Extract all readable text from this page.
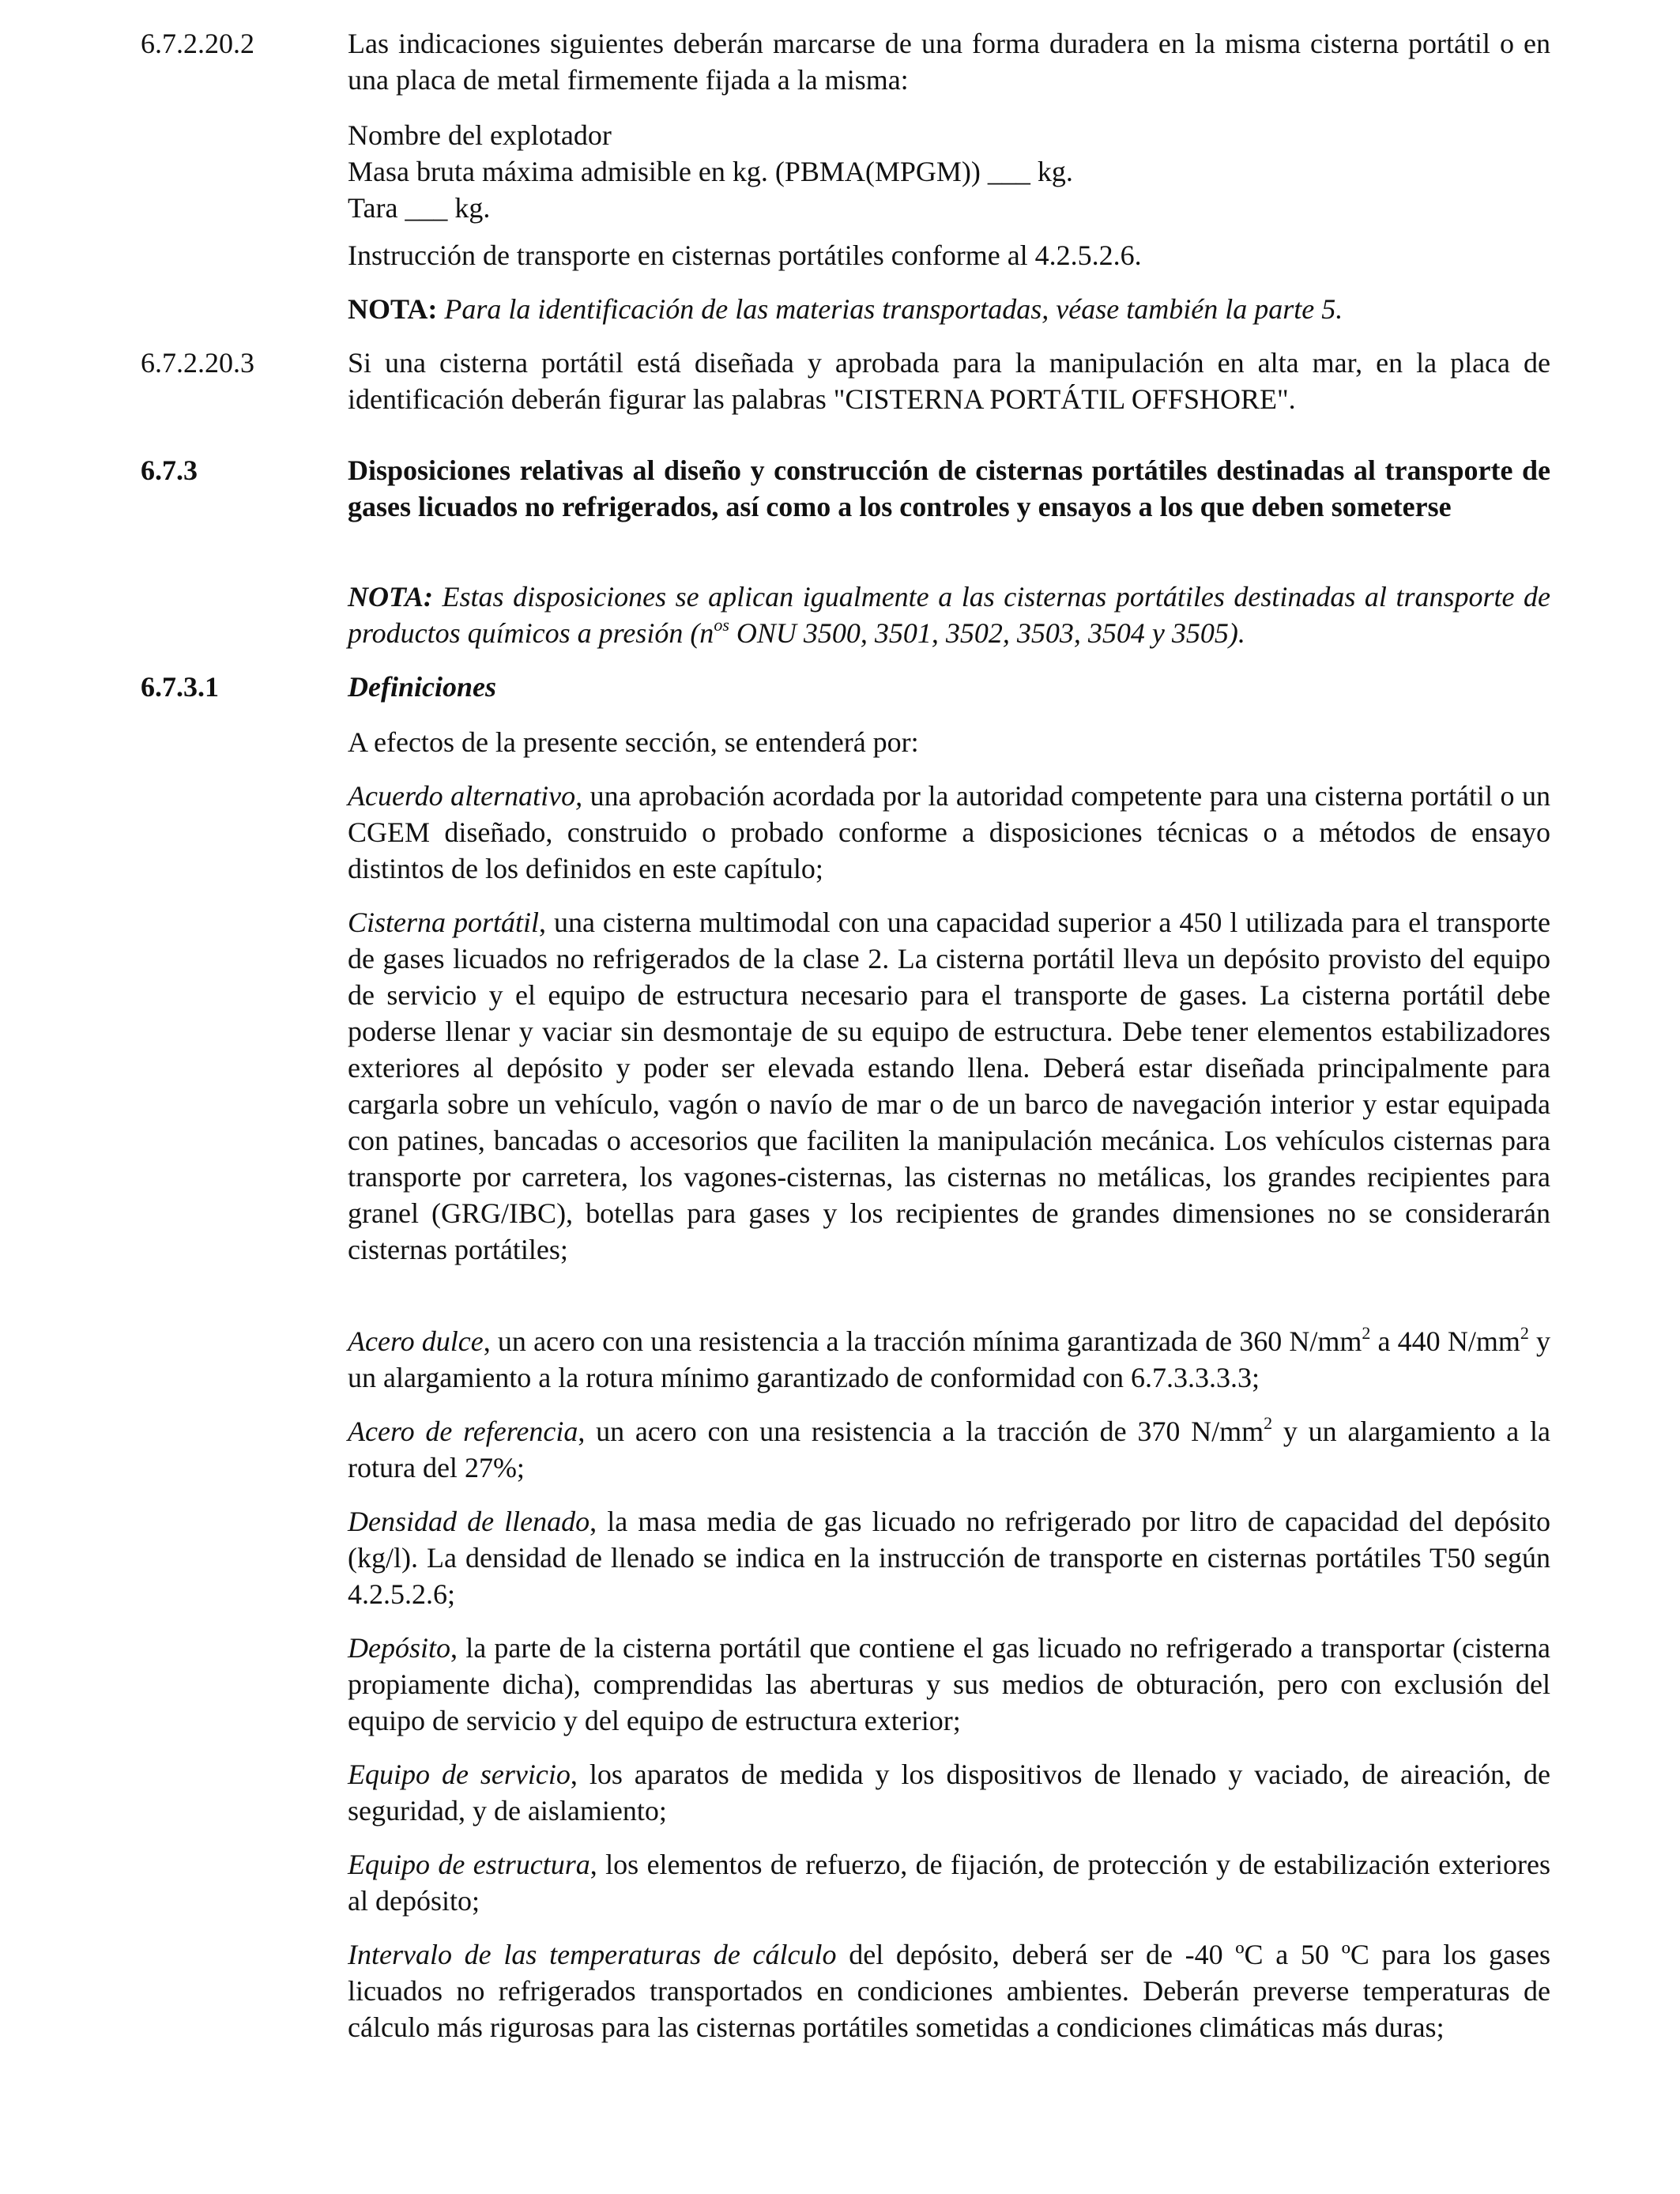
6.7.2.20.2	Las indicaciones siguientes deberán marcarse de una forma duradera en la misma cisterna portátil o en una placa de metal firmemente fijada a la misma:

Nombre del explotador
Masa bruta máxima admisible en kg. (PBMA(MPGM)) ___ kg.
Tara ___ kg.
Instrucción de transporte en cisternas portátiles conforme al 4.2.5.2.6.
NOTA: Para la identificación de las materias transportadas, véase también la parte 5.
6.7.2.20.3	Si una cisterna portátil está diseñada y aprobada para la manipulación en alta mar, en la placa de identificación deberán figurar las palabras "CISTERNA PORTÁTIL OFFSHORE".
6.7.3	Disposiciones relativas al diseño y construcción de cisternas portátiles destinadas al transporte de gases licuados no refrigerados, así como a los controles y ensayos a los que deben someterse
NOTA: Estas disposiciones se aplican igualmente a las cisternas portátiles destinadas al transporte de productos químicos a presión ($n^{os}$ ONU 3500, 3501, 3502, 3503, 3504 y 3505).
6.7.3.1	Definiciones
A efectos de la presente sección, se entenderá por:
Acuerdo alternativo, una aprobación acordada por la autoridad competente para una cisterna portátil o un CGEM diseñado, construido o probado conforme a disposiciones técnicas o a métodos de ensayo distintos de los definidos en este capítulo;
Cisterna portátil, una cisterna multimodal con una capacidad superior a 450 l utilizada para el transporte de gases licuados no refrigerados de la clase 2. La cisterna portátil lleva un depósito provisto del equipo de servicio y el equipo de estructura necesario para el transporte de gases. La cisterna portátil debe poderse llenar y vaciar sin desmontaje de su equipo de estructura. Debe tener elementos estabilizadores exteriores al depósito y poder ser elevada estando llena. Deberá estar diseñada principalmente para cargarla sobre un vehículo, vagón o navío de mar o de un barco de navegación interior y estar equipada con patines, bancadas o accesorios que faciliten la manipulación mecánica. Los vehículos cisternas para transporte por carretera, los vagones-cisternas, las cisternas no metálicas, los grandes recipientes para granel (GRG/IBC), botellas para gases y los recipientes de grandes dimensiones no se considerarán cisternas portátiles;
Acero dulce, un acero con una resistencia a la tracción mínima garantizada de 360 $N/mm^2$ a 440 $N/mm^2$ y un alargamiento a la rotura mínimo garantizado de conformidad con 6.7.3.3.3.3;
Acero de referencia, un acero con una resistencia a la tracción de 370 $N/mm^2$ y un alargamiento a la rotura del 27%;
Densidad de llenado, la masa media de gas licuado no refrigerado por litro de capacidad del depósito (kg/l). La densidad de llenado se indica en la instrucción de transporte en cisternas portátiles T50 según 4.2.5.2.6;
Depósito, la parte de la cisterna portátil que contiene el gas licuado no refrigerado a transportar (cisterna propiamente dicha), comprendidas las aberturas y sus medios de obturación, pero con exclusión del equipo de servicio y del equipo de estructura exterior;
Equipo de servicio, los aparatos de medida y los dispositivos de llenado y vaciado, de aireación, de seguridad, y de aislamiento;
Equipo de estructura, los elementos de refuerzo, de fijación, de protección y de estabilización exteriores al depósito;
Intervalo de las temperaturas de cálculo del depósito, deberá ser de -40 ºC a 50 ºC para los gases licuados no refrigerados transportados en condiciones ambientes. Deberán preverse temperaturas de cálculo más rigurosas para las cisternas portátiles sometidas a condiciones climáticas más duras;
